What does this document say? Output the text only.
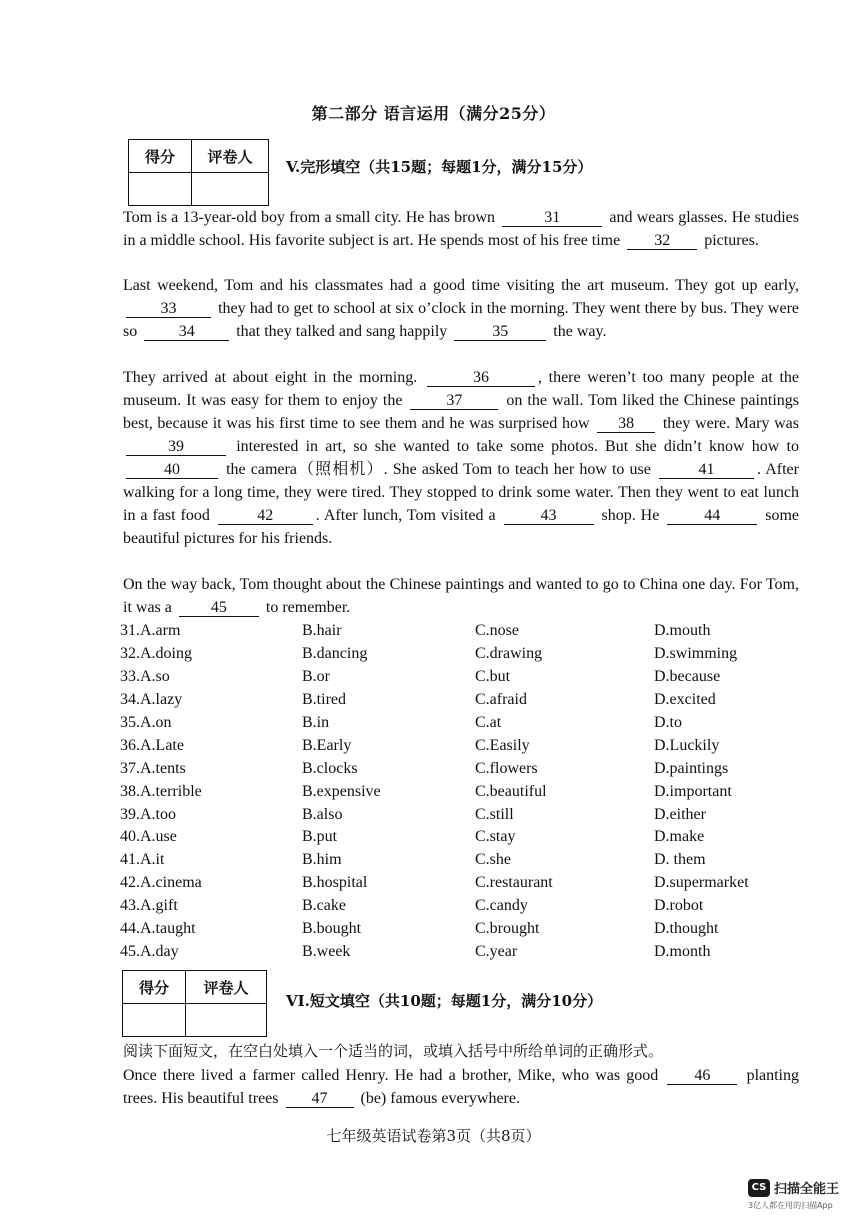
第二部分 语言运用（满分25分）
得分	评卷人

V.完形填空（共15题；每题1分，满分15分）
Tom is a 13-year-old boy from a small city. He has brown	31	and wears glasses. He studies in a middle school. His favorite subject is art. He spends most of his free time 32 pictures.
Last weekend, Tom and his classmates had a good time visiting the art museum. They got up early, 33 they had to get to school at six o’clock in the morning. They went there by bus. They were so 34 that they talked and sang happily	35	the way.
They arrived at about eight in the morning.	36	, there weren’t too many people at the museum. It was easy for them to enjoy the 37 on the wall. Tom liked the Chinese paintings best, because it was his first time to see them and he was surprised how 38 they were. Mary was 39	interested in art, so she wanted to take some photos. But she didn’t know how to 40	the camera（照相机）. She asked Tom to teach her how to use	41	. After walking for a long time, they were tired. They stopped to drink some water. Then they went to eat lunch in a fast food	42	. After lunch, Tom visited a	43	shop. He	44	some beautiful pictures for his friends.
On the way back, Tom thought about the Chinese paintings and wanted to go to China one day. For Tom, it was a 45 to remember.
31.A.arm	B.hair	C.nose	D.mouth
32.A.doing	B.dancing	C.drawing	D.swimming
33.A.so	B.or	C.but	D.because
34.A.lazy	B.tired	C.afraid	D.excited
35.A.on	B.in	C.at	D.to
36.A.Late	B.Early	C.Easily	D.Luckily
37.A.tents	B.clocks	C.flowers	D.paintings
38.A.terrible	B.expensive	C.beautiful	D.important
39.A.too	B.also	C.still	D.either
40.A.use	B.put	C.stay	D.make
41.A.it	B.him	C.she	D. them
42.A.cinema	B.hospital	C.restaurant	D.supermarket
43.A.gift	B.cake	C.candy	D.robot
44.A.taught	B.bought	C.brought	D.thought
45.A.day	B.week	C.year	D.month
得分	评卷人

VI.短文填空（共10题；每题1分，满分10分）
阅读下面短文，在空白处填入一个适当的词，或填入括号中所给单词的正确形式。
Once there lived a farmer called Henry. He had a brother, Mike, who was good 46 planting trees. His beautiful trees 47 (be) famous everywhere.
七年级英语试卷第3页（共8页）
CS 扫描全能王
3亿人都在用的扫描App
